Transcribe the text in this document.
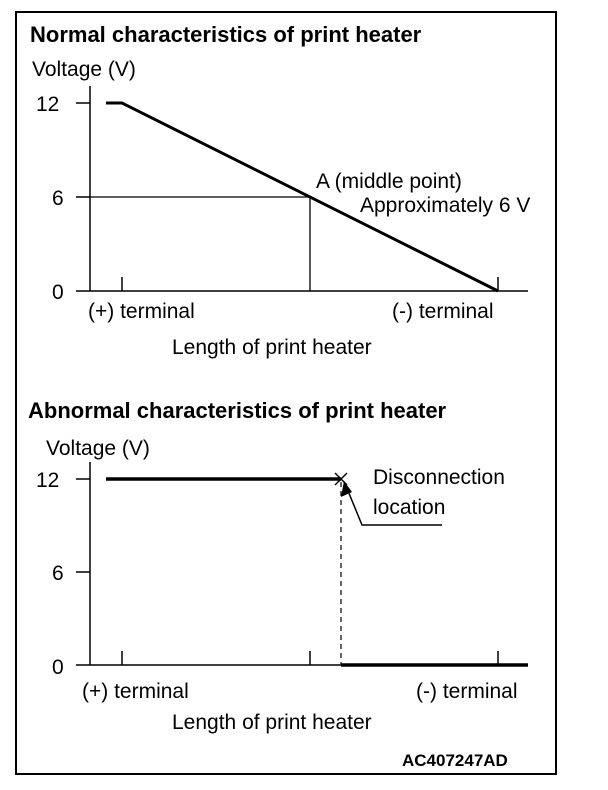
Normal characteristics of print heater
Voltage (V)
12
6
0
A (middle point)
Approximately 6 V
(+) terminal	(-) terminal
Length of print heater
Abnormal characteristics of print heater
Voltage (V)
12
6
0
Disconnection location
(+) terminal	(-) terminal
Length of print heater
AC407247AD
